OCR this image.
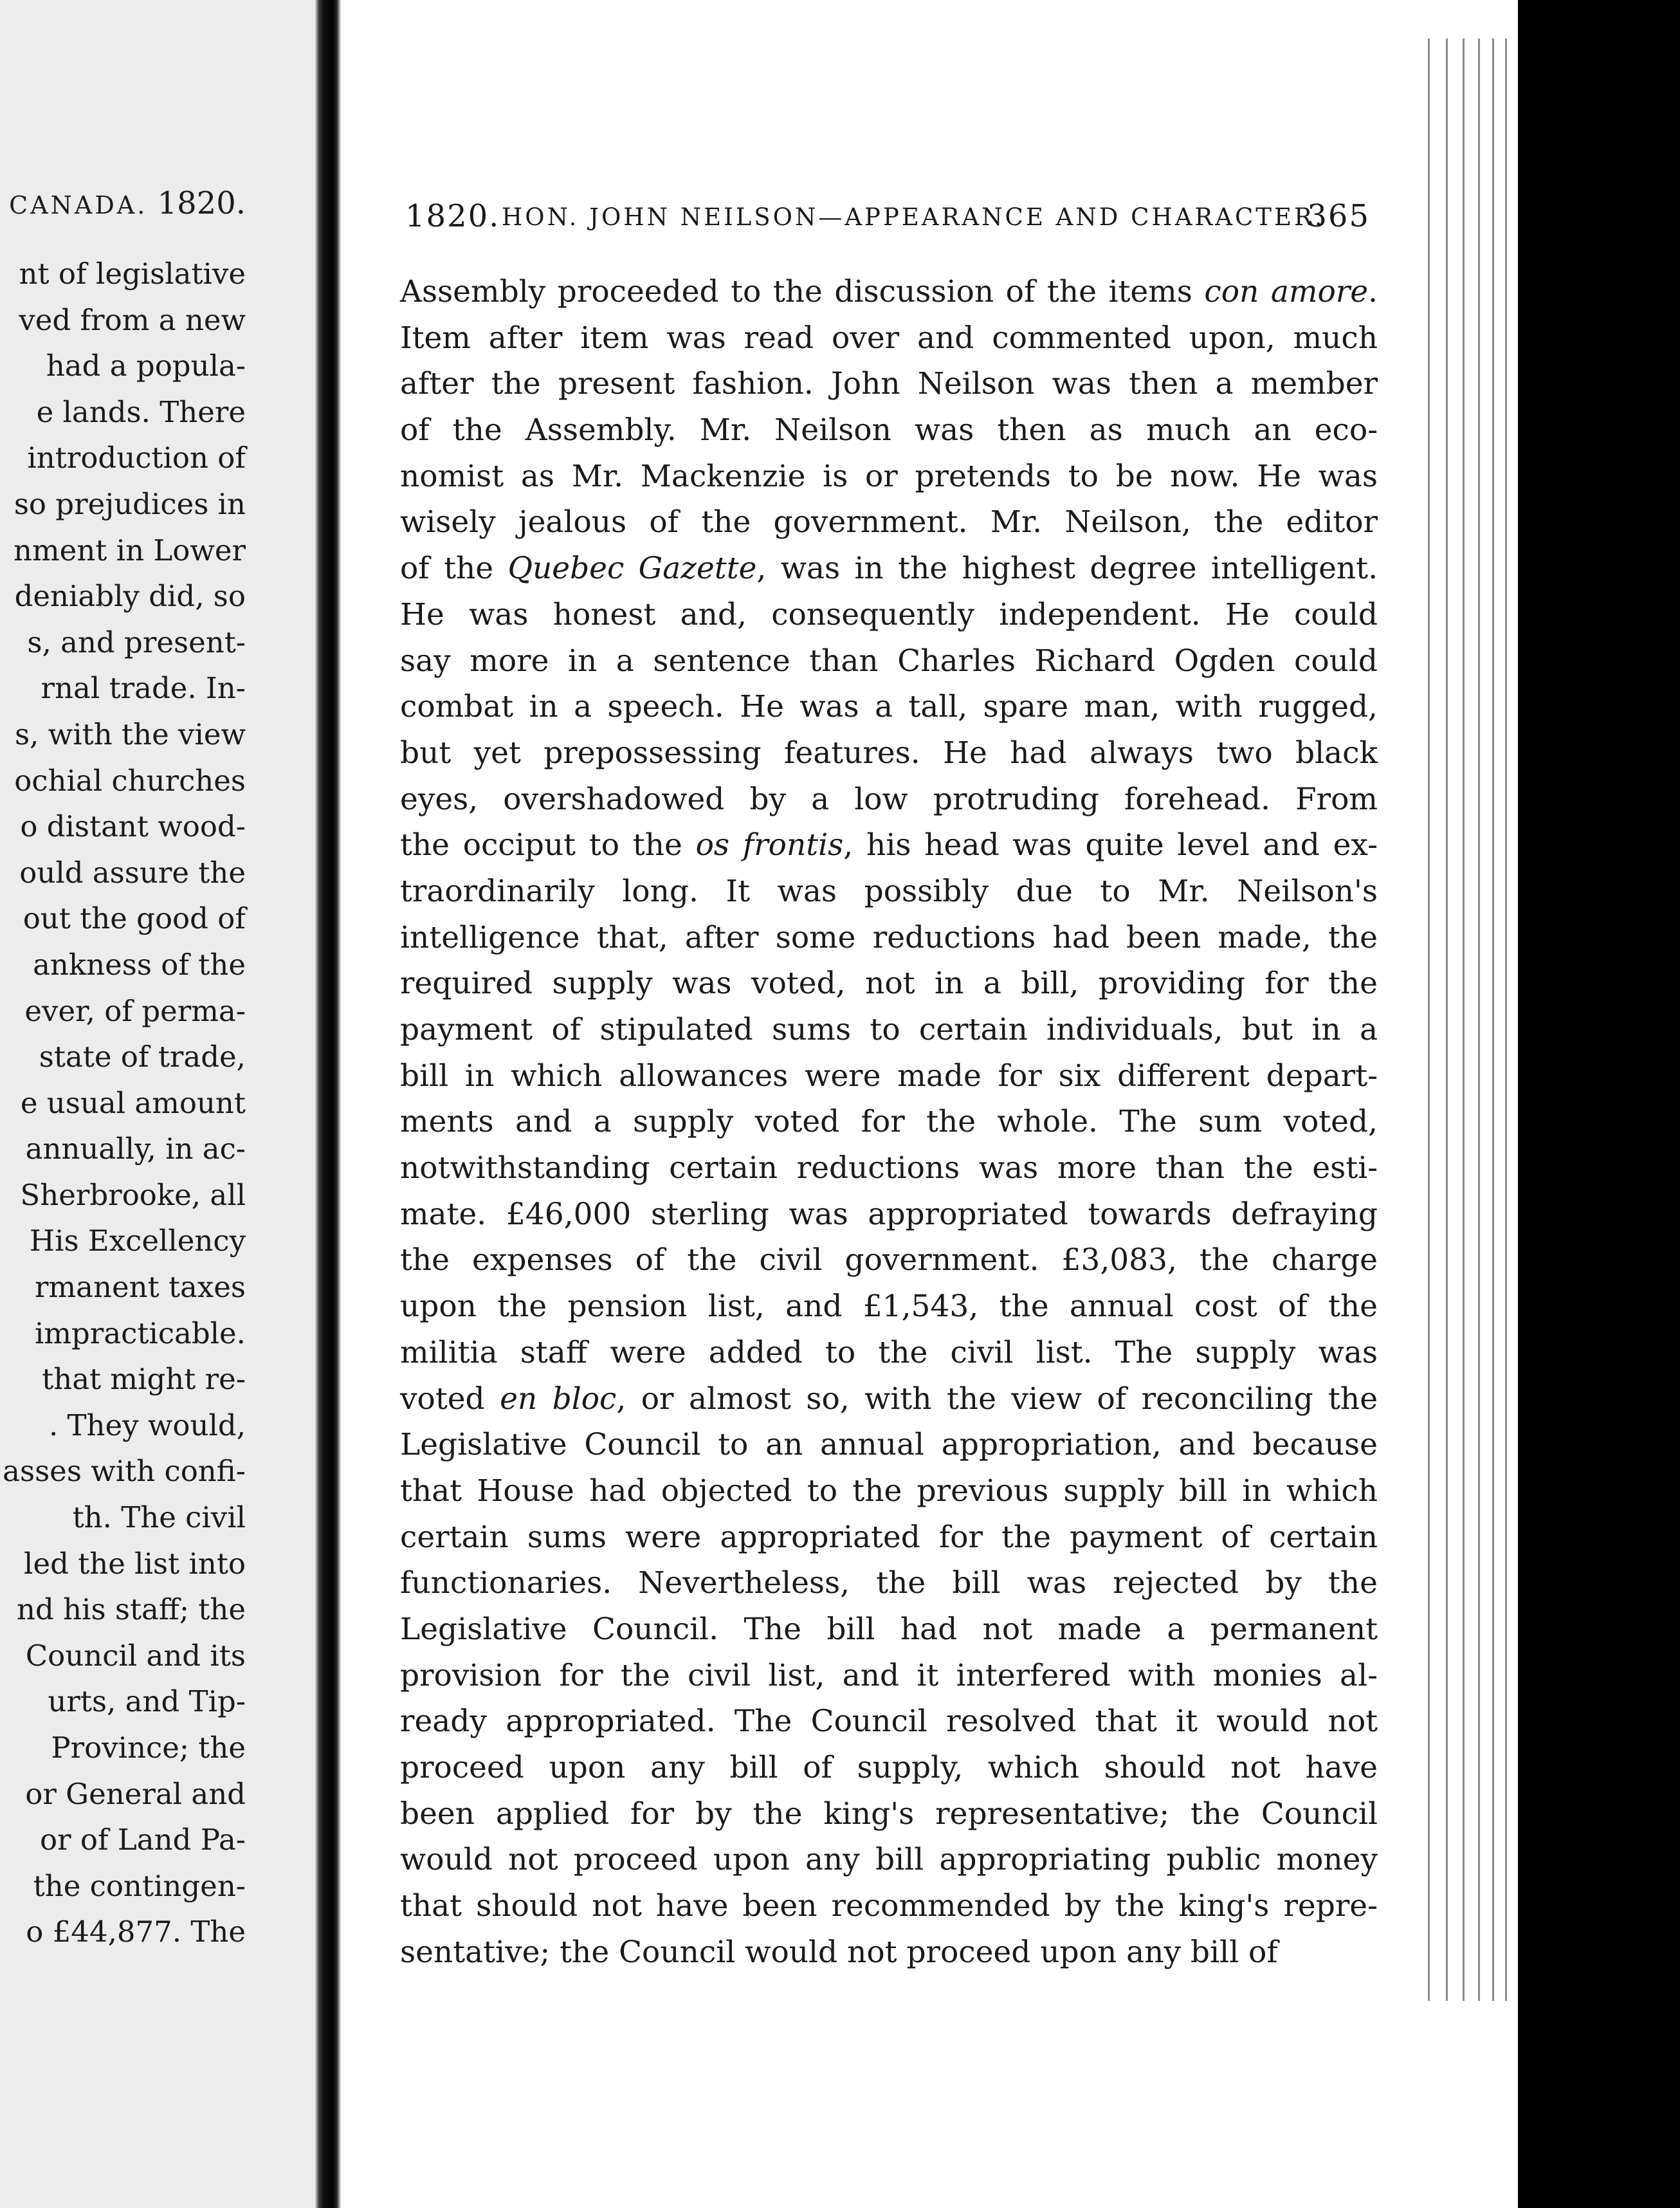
CANADA. 1820.
nt of legislative
ved from a new
had a popula-
e lands. There
introduction of
so prejudices in
nment in Lower
deniably did, so
s, and present-
rnal trade. In-
s, with the view
ochial churches
o distant wood-
ould assure the
out the good of
ankness of the
ever, of perma-
state of trade,
e usual amount
annually, in ac-
Sherbrooke, all
His Excellency
rmanent taxes
impracticable.
that might re-
. They would,
asses with confi-
th. The civil
led the list into
nd his staff; the
Council and its
urts, and Tip-
Province; the
or General and
or of Land Pa-
the contingen-
o £44,877. The
1820. HON. JOHN NEILSON—APPEARANCE AND CHARACTER.
365
Assembly proceeded to the discussion of the items con amore.
Item after item was read over and commented upon, much
after the present fashion. John Neilson was then a member
of the Assembly. Mr. Neilson was then as much an eco-
nomist as Mr. Mackenzie is or pretends to be now. He was
wisely jealous of the government. Mr. Neilson, the editor
of the Quebec Gazette, was in the highest degree intelligent.
He was honest and, consequently independent. He could
say more in a sentence than Charles Richard Ogden could
combat in a speech. He was a tall, spare man, with rugged,
but yet prepossessing features. He had always two black
eyes, overshadowed by a low protruding forehead. From
the occiput to the os frontis, his head was quite level and ex-
traordinarily long. It was possibly due to Mr. Neilson's
intelligence that, after some reductions had been made, the
required supply was voted, not in a bill, providing for the
payment of stipulated sums to certain individuals, but in a
bill in which allowances were made for six different depart-
ments and a supply voted for the whole. The sum voted,
notwithstanding certain reductions was more than the esti-
mate. £46,000 sterling was appropriated towards defraying
the expenses of the civil government. £3,083, the charge
upon the pension list, and £1,543, the annual cost of the
militia staff were added to the civil list. The supply was
voted en bloc, or almost so, with the view of reconciling the
Legislative Council to an annual appropriation, and because
that House had objected to the previous supply bill in which
certain sums were appropriated for the payment of certain
functionaries. Nevertheless, the bill was rejected by the
Legislative Council. The bill had not made a permanent
provision for the civil list, and it interfered with monies al-
ready appropriated. The Council resolved that it would not
proceed upon any bill of supply, which should not have
been applied for by the king's representative; the Council
would not proceed upon any bill appropriating public money
that should not have been recommended by the king's repre-
sentative; the Council would not proceed upon any bill of
